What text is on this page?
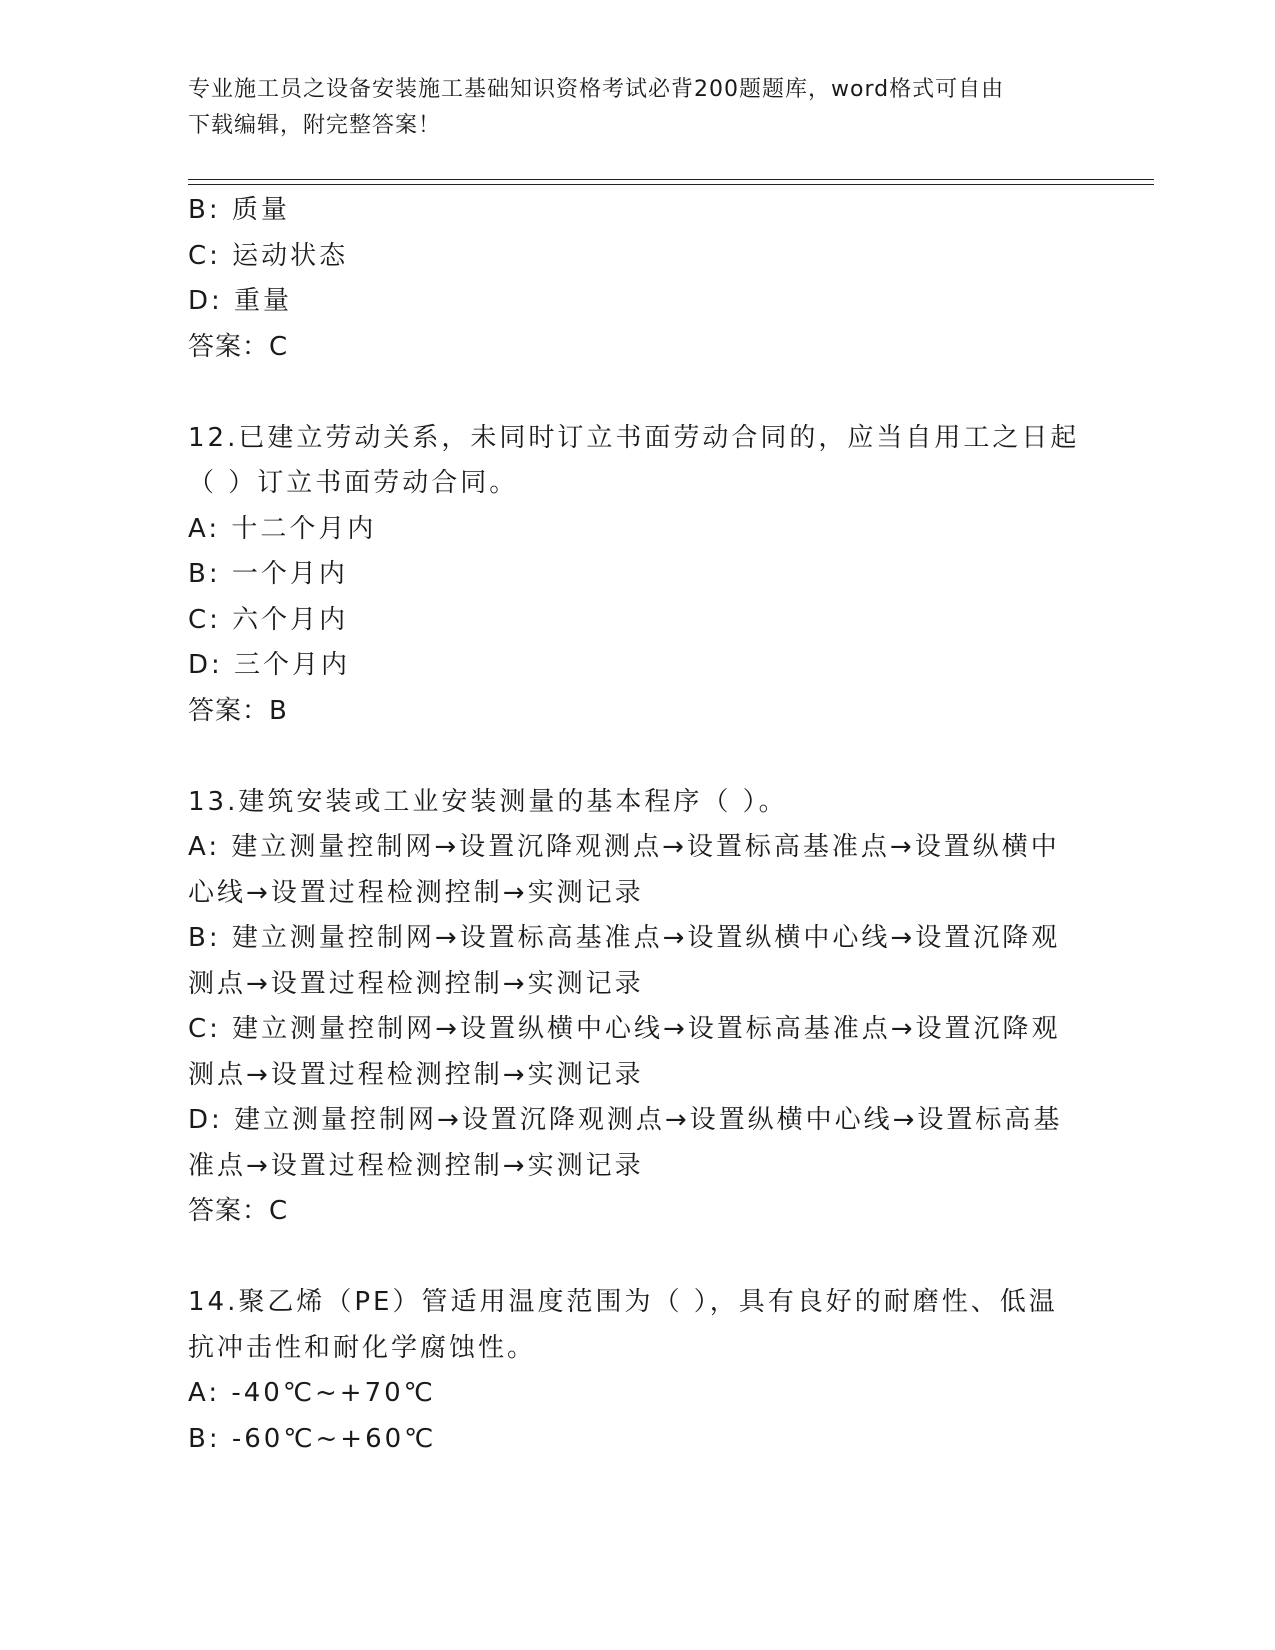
专业施工员之设备安装施工基础知识资格考试必背200题题库，word格式可自由
下载编辑，附完整答案！
B: 质量
C: 运动状态
D: 重量
答案：C
12.已建立劳动关系，未同时订立书面劳动合同的，应当自用工之日起
（ ）订立书面劳动合同。
A: 十二个月内
B: 一个月内
C: 六个月内
D: 三个月内
答案：B
13.建筑安装或工业安装测量的基本程序（ ）。
A: 建立测量控制网→设置沉降观测点→设置标高基准点→设置纵横中
心线→设置过程检测控制→实测记录
B: 建立测量控制网→设置标高基准点→设置纵横中心线→设置沉降观
测点→设置过程检测控制→实测记录
C: 建立测量控制网→设置纵横中心线→设置标高基准点→设置沉降观
测点→设置过程检测控制→实测记录
D: 建立测量控制网→设置沉降观测点→设置纵横中心线→设置标高基
准点→设置过程检测控制→实测记录
答案：C
14.聚乙烯（PE）管适用温度范围为（ ），具有良好的耐磨性、低温
抗冲击性和耐化学腐蚀性。
A: -40℃~+70℃
B: -60℃~+60℃
